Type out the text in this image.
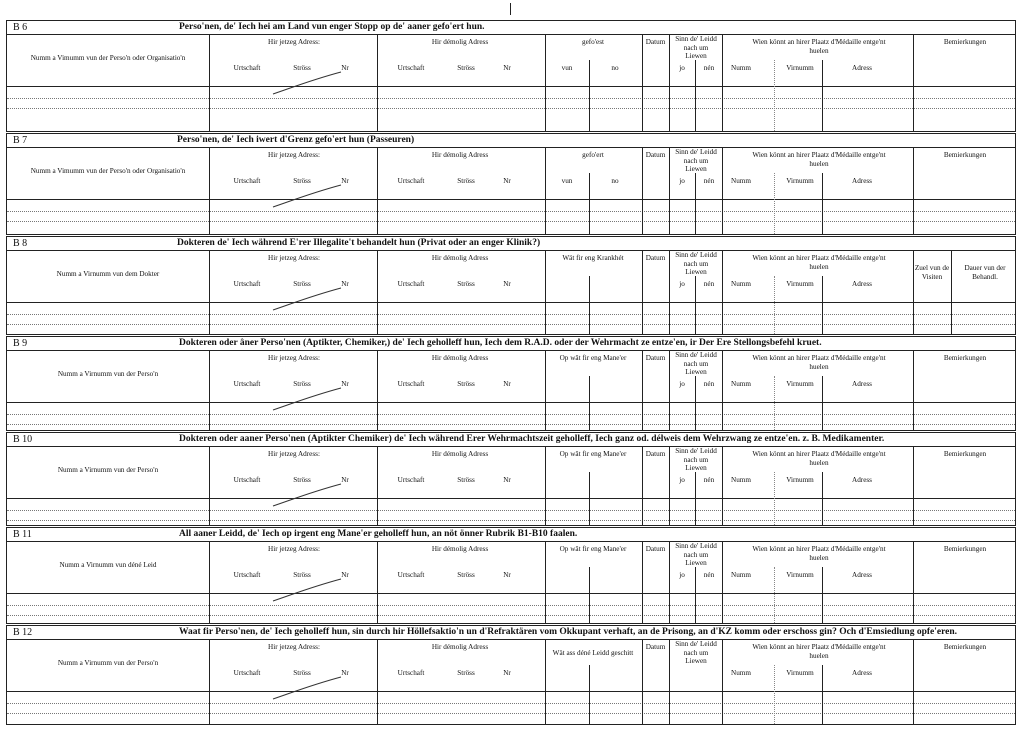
B 6	Perso'nen, de' Iech hei am Land vun enger Stopp op de' aaner gefo'ert hun.
Numm a Vimumm vun der Perso'n oder Organisatio'n
Hir jetzeg Adress:
Urtschaft	Ströss	Nr
Hir démolig Adress
Urtschaft	Ströss	Nr
gefo'est
vun	no
Datum	Sinn de' Leidd nach um Liewen
jo	nén
Wien könnt an hirer Plaatz d'Médaille entge'nt huelen
Numm	Virnumm	Adress
Bemierkungen
B 7	Perso'nen, de' Iech iwert d'Grenz gefo'ert hun (Passeuren)
Numm a Vimumm vun der Perso'n oder Organisatio'n
Hir jetzeg Adress:
Urtschaft	Ströss	Nr
Hir démolig Adress
Urtschaft	Ströss	Nr
gefo'ert
vun	no
Datum	Sinn de' Leidd nach um Liewen
jo	nén
Wien könnt an hirer Plaatz d'Médaille entge'nt huelen
Numm	Virnumm	Adress
Bemierkungen
B 8	Dokteren de' Iech während E'rer Illegalite't behandelt hun (Privat oder an enger Klinik?)
Numm a Virnumm vun dem Dokter
Hir jetzeg Adress:
Urtschaft	Ströss	Nr
Hir démolig Adress
Urtschaft	Ströss	Nr
Wät fir eng Krankhét	Datum	Sinn de' Leidd nach um Liewen
jo	nén
Wien könnt an hirer Plaatz d'Médaille entge'nt huelen
Numm	Virnumm	Adress
Zuel vun de Visiten
Dauer vun der Behandl.
B 9	Dokteren oder âner Perso'nen (Aptikter, Chemiker,) de' Iech geholleff hun, Iech dem R.A.D. oder der Wehrmacht ze entze'en, ir Der Ere Stellongsbefehl kruet.
Numm a Virnumm vun der Perso'n
Hir jetzeg Adress:
Urtschaft	Ströss	Nr
Hir démolig Adress
Urtschaft	Ströss	Nr
Op wât fir eng Mane'er	Datum	Sinn de' Leidd nach um Liewen
jo	nén
Wien könnt an hirer Plaatz d'Médaille entge'nt huelen
Numm	Virnumm	Adress
Bemierkungen
B 10	Dokteren oder aaner Perso'nen (Aptikter Chemiker) de' Iech während Erer Wehrmachtszeit geholleff, Iech ganz od. délweis dem Wehrzwang ze entze'en. z. B. Medikamenter.
Numm a Virnumm vun der Perso'n
Hir jetzeg Adress:
Urtschaft	Ströss	Nr
Hir démolig Adress
Urtschaft	Ströss	Nr
Op wât fir eng Mane'er	Datum	Sinn de' Leidd nach um Liewen
jo	nén
Wien könnt an hirer Plaatz d'Médaille entge'nt huelen
Numm	Virnumm	Adress
Bemierkungen
B 11	All aaner Leidd, de' Iech op irgent eng Mane'er geholleff hun, an nöt önner Rubrik B1-B10 faalen.
Numm a Virnumm vun déné Leid
Hir jetzeg Adress:
Urtschaft	Ströss	Nr
Hir démolig Adress
Urtschaft	Ströss	Nr
Op wât fir eng Mane'er	Datum	Sinn de' Leidd nach um Liewen
jo	nén
Wien könnt an hirer Plaatz d'Médaille entge'nt huelen
Numm	Virnumm	Adress
Bemierkungen
B 12	Waat fir Perso'nen, de' Iech geholleff hun, sin durch hir Höllefsaktio'n un d'Refraktären vom Okkupant verhaft, an de Prisong, an d'KZ komm oder erschoss gin? Och d'Emsiedlung opfe'eren.
Numm a Virnumm vun der Perso'n
Hir jetzeg Adress:
Urtschaft	Ströss	Nr
Hir démolig Adress
Urtschaft	Ströss	Nr
Wät ass déné Leidd geschitt
Datum	Sinn de' Leidd nach um Liewen
Wien könnt an hirer Plaatz d'Médaille entge'nt huelen
Numm	Virnumm	Adress
Bemierkungen
